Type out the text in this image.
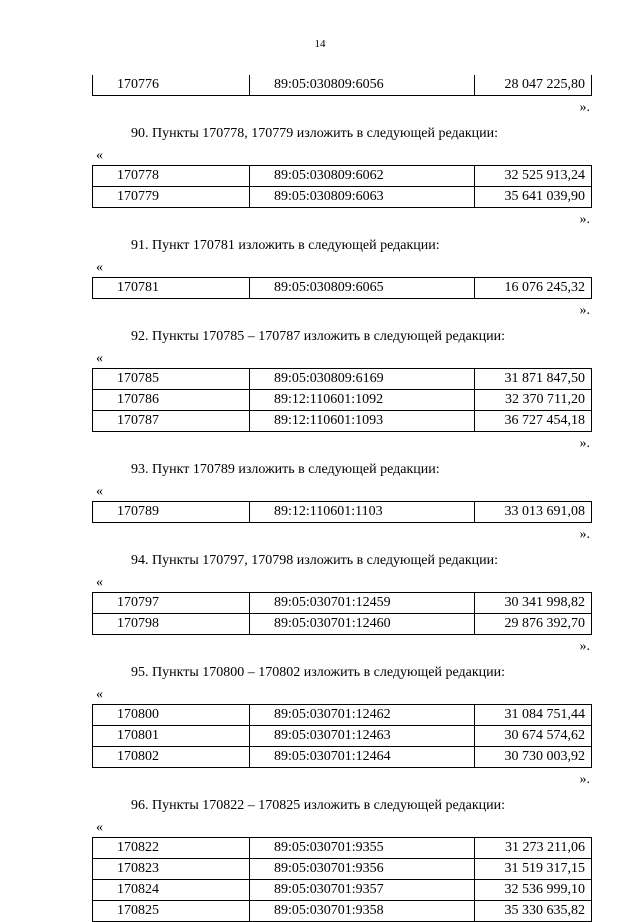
14
170776	89:05:030809:6056	28 047 225,80
».
90. Пункты 170778, 170779 изложить в следующей редакции:
«
170778	89:05:030809:6062	32 525 913,24
170779	89:05:030809:6063	35 641 039,90
».
91. Пункт 170781 изложить в следующей редакции:
«
170781	89:05:030809:6065	16 076 245,32
».
92. Пункты 170785 – 170787 изложить в следующей редакции:
«
170785	89:05:030809:6169	31 871 847,50
170786	89:12:110601:1092	32 370 711,20
170787	89:12:110601:1093	36 727 454,18
».
93. Пункт 170789 изложить в следующей редакции:
«
170789	89:12:110601:1103	33 013 691,08
».
94. Пункты 170797, 170798 изложить в следующей редакции:
«
170797	89:05:030701:12459	30 341 998,82
170798	89:05:030701:12460	29 876 392,70
».
95. Пункты 170800 – 170802 изложить в следующей редакции:
«
170800	89:05:030701:12462	31 084 751,44
170801	89:05:030701:12463	30 674 574,62
170802	89:05:030701:12464	30 730 003,92
».
96. Пункты 170822 – 170825 изложить в следующей редакции:
«
170822	89:05:030701:9355	31 273 211,06
170823	89:05:030701:9356	31 519 317,15
170824	89:05:030701:9357	32 536 999,10
170825	89:05:030701:9358	35 330 635,82
